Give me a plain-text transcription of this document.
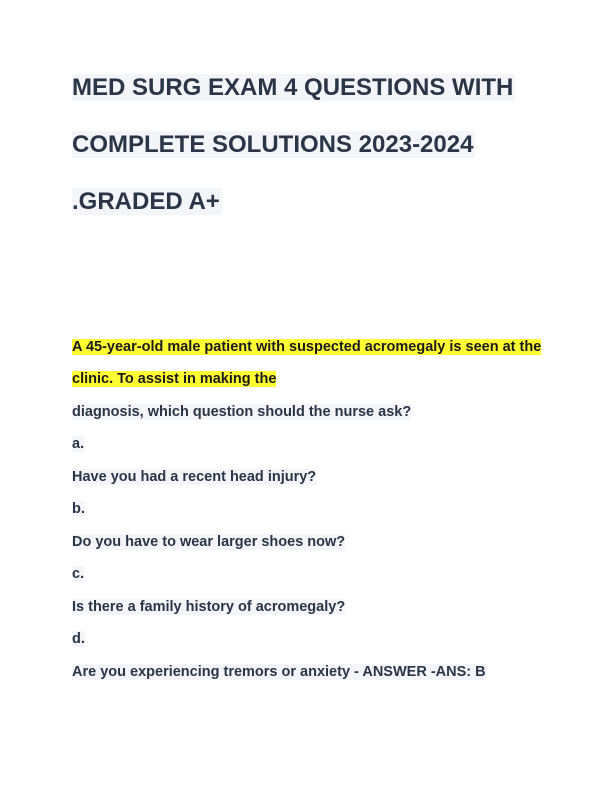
MED SURG EXAM 4 QUESTIONS WITH
COMPLETE SOLUTIONS 2023-2024
.GRADED A+

A 45-year-old male patient with suspected acromegaly is seen at the

clinic. To assist in making the

diagnosis, which question should the nurse ask?

a.

Have you had a recent head injury?

b.

Do you have to wear larger shoes now?

c.

Is there a family history of acromegaly?

d.

Are you experiencing tremors or anxiety - ANSWER -ANS: B
